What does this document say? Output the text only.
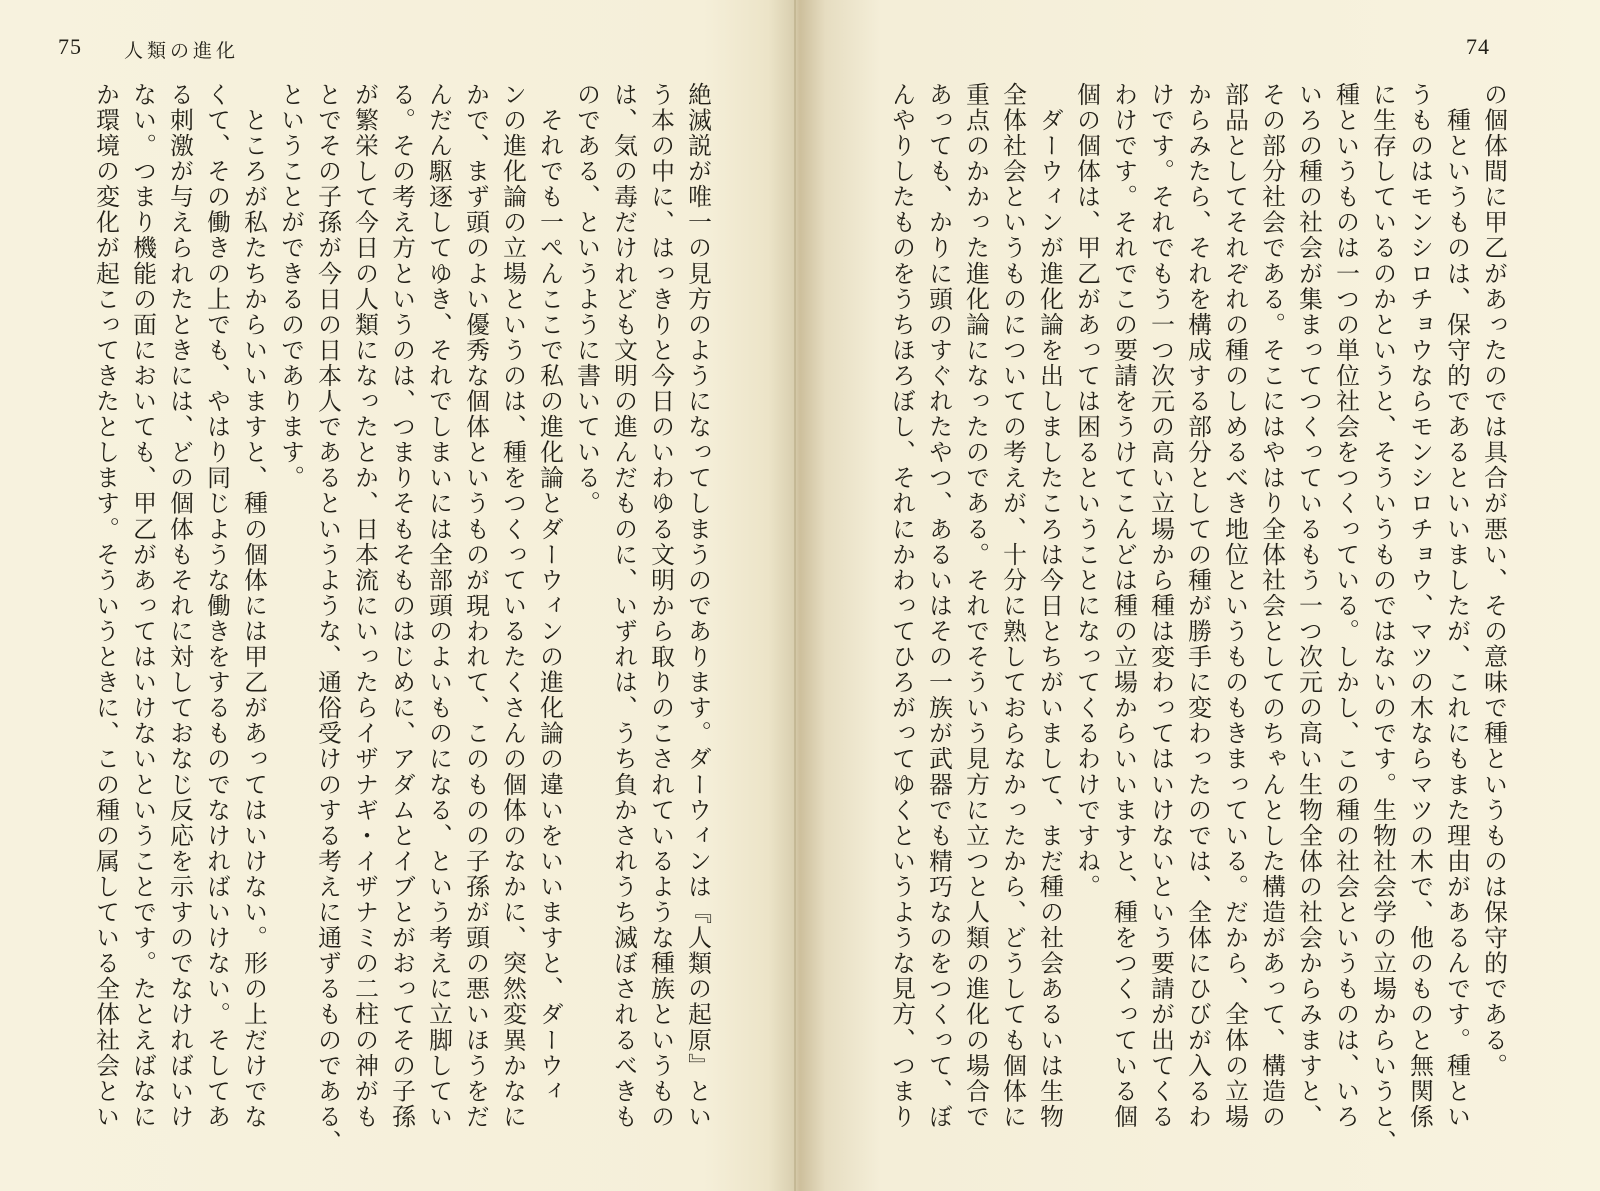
75 人類の進化
絶滅説が唯一の見方のようになってしまうのであります。ダーウィンは『人類の起原』とい
う本の中に、はっきりと今日のいわゆる文明から取りのこされているような種族というもの
は、気の毒だけれども文明の進んだものに、いずれは、うち負かされうち滅ぼされるべきも
のである、というように書いている。
　それでも一ぺんここで私の進化論とダーウィンの進化論の違いをいいますと、ダーウィ
ンの進化論の立場というのは、種をつくっているたくさんの個体のなかに、突然変異かなに
かで、まず頭のよい優秀な個体というものが現われて、このものの子孫が頭の悪いほうをだ
んだん駆逐してゆき、それでしまいには全部頭のよいものになる、という考えに立脚してい
る。その考え方というのは、つまりそもそものはじめに、アダムとイブとがおってその子孫
が繁栄して今日の人類になったとか、日本流にいったらイザナギ・イザナミの二柱の神がも
とでその子孫が今日の日本人であるというような、通俗受けのする考えに通ずるものである、
ということができるのであります。
　ところが私たちからいいますと、種の個体には甲乙があってはいけない。形の上だけでな
くて、その働きの上でも、やはり同じような働きをするものでなければいけない。そしてあ
る刺激が与えられたときには、どの個体もそれに対しておなじ反応を示すのでなければいけ
ない。つまり機能の面においても、甲乙があってはいけないということです。たとえばなに
か環境の変化が起こってきたとします。そういうときに、この種の属している全体社会とい
74
の個体間に甲乙があったのでは具合が悪い、その意味で種というものは保守的である。
　種というものは、保守的であるといいましたが、これにもまた理由があるんです。種とい
うものはモンシロチョウならモンシロチョウ、マツの木ならマツの木で、他のものと無関係
に生存しているのかというと、そういうものではないのです。生物社会学の立場からいうと、
種というものは一つの単位社会をつくっている。しかし、この種の社会というものは、いろ
いろの種の社会が集まってつくっているもう一つ次元の高い生物全体の社会からみますと、
その部分社会である。そこにはやはり全体社会としてのちゃんとした構造があって、構造の
部品としてそれぞれの種のしめるべき地位というものもきまっている。だから、全体の立場
からみたら、それを構成する部分としての種が勝手に変わったのでは、全体にひびが入るわ
けです。それでもう一つ次元の高い立場から種は変わってはいけないという要請が出てくる
わけです。それでこの要請をうけてこんどは種の立場からいいますと、種をつくっている個
個の個体は、甲乙があっては困るということになってくるわけですね。
　ダーウィンが進化論を出しましたころは今日とちがいまして、まだ種の社会あるいは生物
全体社会というものについての考えが、十分に熟しておらなかったから、どうしても個体に
重点のかかった進化論になったのである。それでそういう見方に立つと人類の進化の場合で
あっても、かりに頭のすぐれたやつ、あるいはその一族が武器でも精巧なのをつくって、ぼ
んやりしたものをうちほろぼし、それにかわってひろがってゆくというような見方、つまり
